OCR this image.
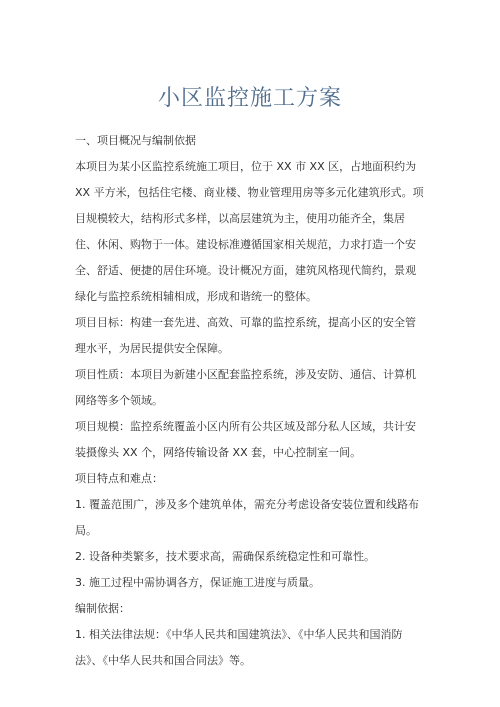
小区监控施工方案

一、项目概况与编制依据

本项目为某小区监控系统施工项目，位于 XX 市 XX 区，占地面积约为 XX 平方米，包括住宅楼、商业楼、物业管理用房等多元化建筑形式。项目规模较大，结构形式多样，以高层建筑为主，使用功能齐全，集居住、休闲、购物于一体。建设标准遵循国家相关规范，力求打造一个安全、舒适、便捷的居住环境。设计概况方面，建筑风格现代简约，景观绿化与监控系统相辅相成，形成和谐统一的整体。

项目目标：构建一套先进、高效、可靠的监控系统，提高小区的安全管理水平，为居民提供安全保障。

项目性质：本项目为新建小区配套监控系统，涉及安防、通信、计算机网络等多个领域。

项目规模：监控系统覆盖小区内所有公共区域及部分私人区域，共计安装摄像头 XX 个，网络传输设备 XX 套，中心控制室一间。

项目特点和难点：

1. 覆盖范围广，涉及多个建筑单体，需充分考虑设备安装位置和线路布局。

2. 设备种类繁多，技术要求高，需确保系统稳定性和可靠性。

3. 施工过程中需协调各方，保证施工进度与质量。

编制依据：

1. 相关法律法规：《中华人民共和国建筑法》、《中华人民共和国消防法》、《中华人民共和国合同法》等。
